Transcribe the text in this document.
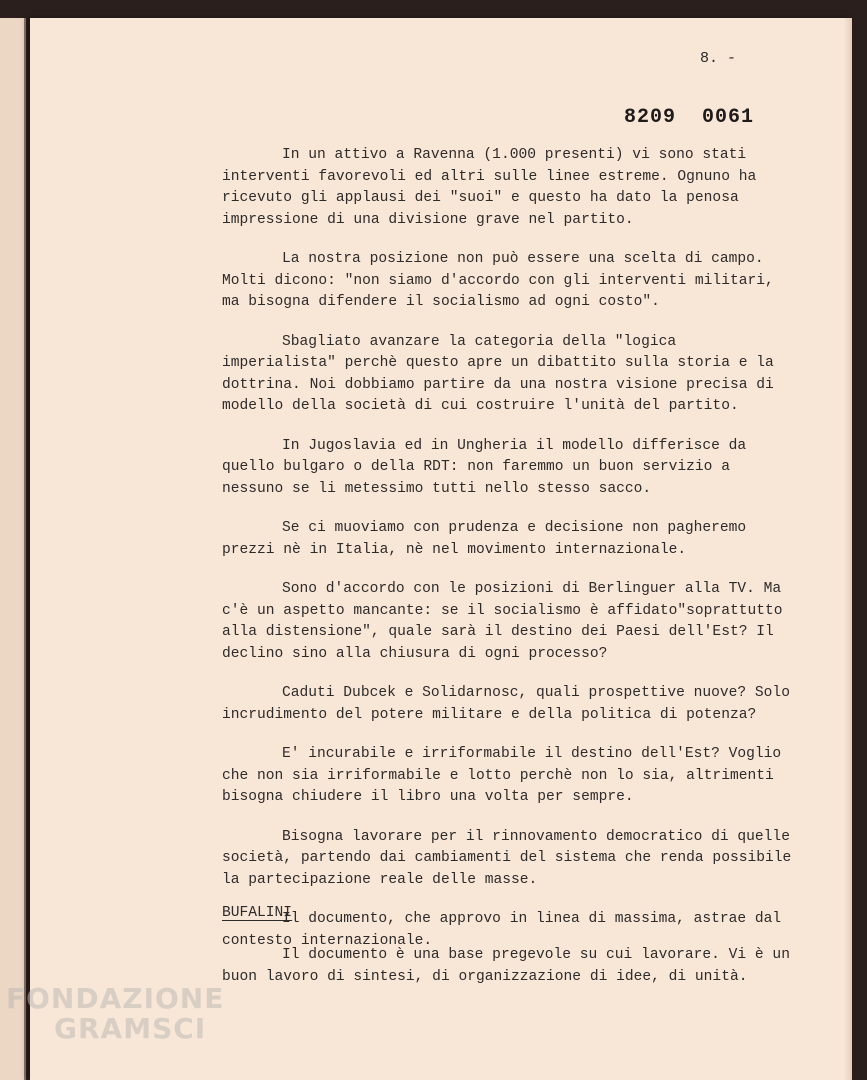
8. -
8209  0061

In un attivo a Ravenna (1.000 presenti) vi sono stati interventi favorevoli ed altri sulle linee estreme. Ognuno ha ricevuto gli applausi dei "suoi" e questo ha dato la penosa impressione di una divisione grave nel partito.

La nostra posizione non può essere una scelta di campo. Molti dicono: "non siamo d'accordo con gli interventi militari, ma bisogna difendere il socialismo ad ogni costo".

Sbagliato avanzare la categoria della "logica imperialista" perchè questo apre un dibattito sulla storia e la dottrina. Noi dobbiamo partire da una nostra visione precisa di modello della società di cui costruire l'unità del partito.

In Jugoslavia ed in Ungheria il modello differisce da quello bulgaro o della RDT: non faremmo un buon servizio a nessuno se li metessimo tutti nello stesso sacco.

Se ci muoviamo con prudenza e decisione non pagheremo prezzi nè in Italia, nè nel movimento internazionale.

Sono d'accordo con le posizioni di Berlinguer alla TV. Ma c'è un aspetto mancante: se il socialismo è affidato"soprattutto alla distensione", quale sarà il destino dei Paesi dell'Est? Il declino sino alla chiusura di ogni processo?

Caduti Dubcek e Solidarnosc, quali prospettive nuove? Solo incrudimento del potere militare e della politica di potenza?

E' incurabile e irriformabile il destino dell'Est? Voglio che non sia irriformabile e lotto perchè non lo sia, altrimenti bisogna chiudere il libro una volta per sempre.

Bisogna lavorare per il rinnovamento democratico di quelle società, partendo dai cambiamenti del sistema che renda possibile la partecipazione reale delle masse.

Il documento, che approvo in linea di massima, astrae dal contesto internazionale.

BUFALINI

Il documento è una base pregevole su cui lavorare. Vi è un buon lavoro di sintesi, di organizzazione di idee, di unità.

FONDAZIONE
GRAMSCI
